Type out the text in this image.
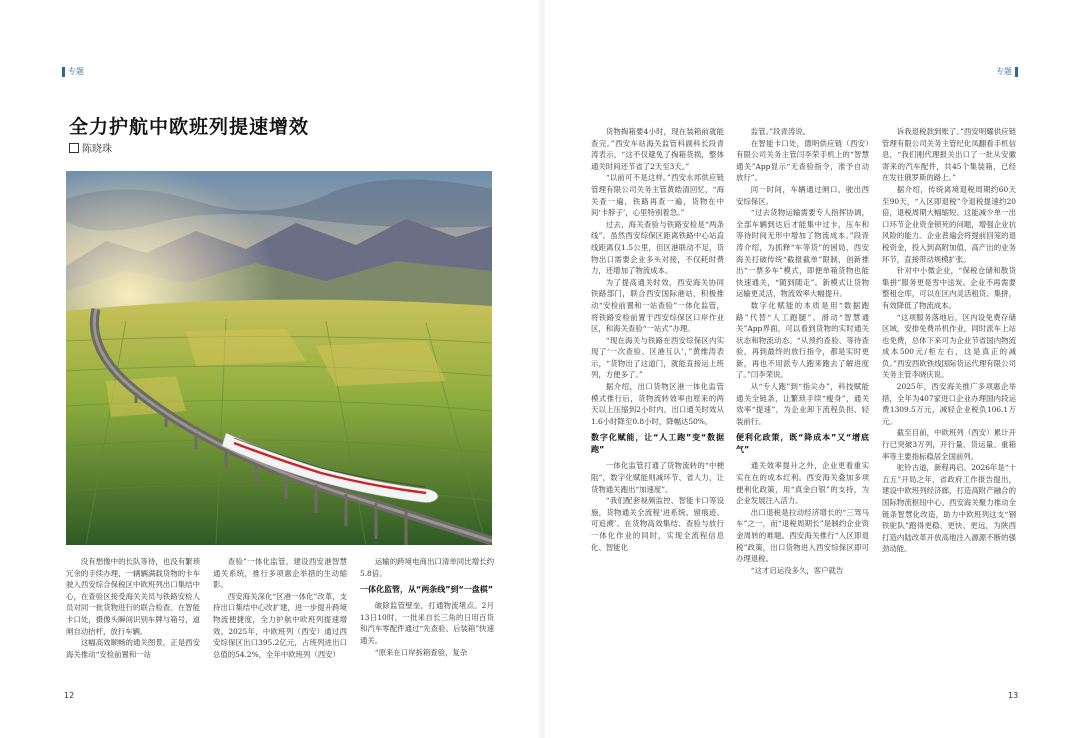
专题	专题
全力护航中欧班列提速增效
陈晓珠

没有想像中的长队等待，也没有繁琐冗余的手续办理，一辆辆满载货物的卡车驶入西安综合保税区中欧班列出口集结中心，在查验区接受海关关员与铁路安检人员对同一批货物进行的联合检查。在智能卡口处，摄像头瞬间识别车牌与箱号，道闸自动抬杆，放行车辆。

这幅高效顺畅的通关图景，正是西安海关推动“安检前置和一站

查验”一体化监管，建设西安港智慧通关系统，推行多项惠企举措的生动缩影。

西安海关深化“区港一体化”改革，支持出口集结中心改扩建，进一步提升跨境物流便捷度，全力护航中欧班列提速增效。2025年，中欧班列（西安）通过西安综保区出口395.2亿元，占班列进出口总值的54.2%，全年中欧班列（西安）

运输的跨境电商出口清单同比增长约5.8倍。

一体化监管，从“两条线”到“一盘棋”

破除监管壁垒，打通物流堵点。2月13日10时，一批来自长三角的日用百货和汽车零配件通过“先查验、后装箱”快速通关。

“原来在口岸拆箱查验，复杂

货物掏箱要4小时，现在装箱前就能查完。”西安车站海关监管科副科长段青涛表示，“这不仅避免了掏箱货损，整体通关时间还节省了2天至3天。”

“以前可不是这样。”西安永邦供应链管理有限公司关务主管黄皓清回忆，“海关查一遍，铁路再查一遍，货物在中间‘卡脖子’，心里特别着急。”

过去，海关查验与铁路安检是“两条线”。虽然西安综保区距离铁路中心站直线距离仅1.5公里，但区港联动不足，货物出口需要企业多头对接，不仅耗时费力，还增加了物流成本。

为了提高通关时效，西安海关协同铁路部门，联合西安国际港站，积极推动“安检前置和一站查验”一体化监管，将铁路安检前置于西安综保区口岸作业区，和海关查验“一站式”办理。

“现在海关与铁路在西安综保区内实现了‘一次查验、区港互认’，”黄维涛表示，“货物出了这道门，就能直接运上班列，方便多了。”

据介绍，出口货物区港一体化监管模式推行后，货物流转效率由原来的两天以上压缩到2小时内，出口通关时效从1.6小时降至0.8小时，降幅达50%。

数字化赋能，让“人工跑”变“数据跑”

一体化监管打通了货物流转的“中梗阻”，数字化赋能则减环节、省人力，让货物通关跑出“加速度”。

“我们配套视频监控、智能卡口等设施，货物通关全流程‘进系统、留痕迹、可追溯’。在货物高效集结、查验与放行一体化作业的同时，实现全流程信息化、智能化

监管。”段青涛说。

在智能卡口处，德明供应链（西安）有限公司关务主管闫李荣手机上的“智慧通关”App显示“无查验指令，准予自动放行”。

同一时间，车辆通过闸口，驶出西安综保区。

“过去货物运输需要专人指挥协调，全部车辆到达后才能集中过卡，压车和等待时间无形中增加了物流成本。”段青涛介绍，为抓释“车等货”的困局，西安海关打破传统“截报截单”限制，创新推出“一票多车”模式，即便单箱货物也能快速通关，“随到随走”。新模式让货物运输更灵活，物流效率大幅提升。

数字化赋能的本质是用“数据跑路”代替“人工跑腿”。滑动“智慧通关”App界面，可以看到货物的实时通关状态和物流动态。“从预约查验、等待查验，再到最终的放行指令，都是实时更新，再也不用派专人跑来跑去了解进度了。”闫李荣说。

从“专人跑”到“指尖办”，科技赋能通关全链条，让繁琐手续“瘦身”，通关效率“提速”，为企业卸下流程负担、轻装前行。

便利化政策，既“降成本”又“增底气”

通关效率提升之外，企业更看重实实在在的成本红利。西安海关叠加多项便利化政策，用“真金白银”的支持，为企业发展注入活力。

出口退税是拉动经济增长的“三驾马车”之一，而“退税周期长”是制约企业资金周转的难题。西安海关推行“入区即退税”政策，出口货物进入西安综保区即可办理退税。

“这才启运没多久，客户就告

诉我退税款到账了。”西安明耀供应链管理有限公司关务主管纪化凤翻看手机信息，“我们刚代理报关出口了一批从安徽寄来的汽车配件，共45个集装箱，已经在发往俄罗斯的路上。”

据介绍，传统离境退税周期约60天至90天，“入区即退税”令退税提速约20倍，退税周期大幅缩短。这能减少单一出口环节企业资金锁死的问题，增强企业抗风险的能力。企业普遍会将提前回笼的退税资金，投入到高附加值、高产出的业务环节，直接带动规模扩张。

针对中小微企业，“保税仓储和散货集拼”服务更是雪中送炭。企业不再需要整租仓库，可以在区内灵活租货、集拼，有效降低了物流成本。

“这项服务落地后，区内设免费存储区域，安排免费吊机作业，同时派车上站也免费，总体下来可为企业节省国内物流成本500元/柜左右，这是真正的减负。”西安西欧铁线国际货运代理有限公司关务主管李晓庆说。

2025年，西安海关推广多项惠企举措，全年为407家进口企业办理国内段运费1309.5万元，减轻企业税负106.1万元。

截至目前，中欧班列（西安）累计开行已突破3万列，开行量、货运量、重箱率等主要指标稳居全国前列。

驼铃古道，新程再启。2026年是“十五五”开局之年，省政府工作报告提出，建设中欧班列经济廊，打造高附产融合的国际物流枢纽中心。西安海关聚力推动全链条智慧化改造，助力中欧班列这支“钢铁驼队”跑得更稳、更快、更远，为陕西打造内陆改革开放高地注入源源不断的强劲动能。

12	13
